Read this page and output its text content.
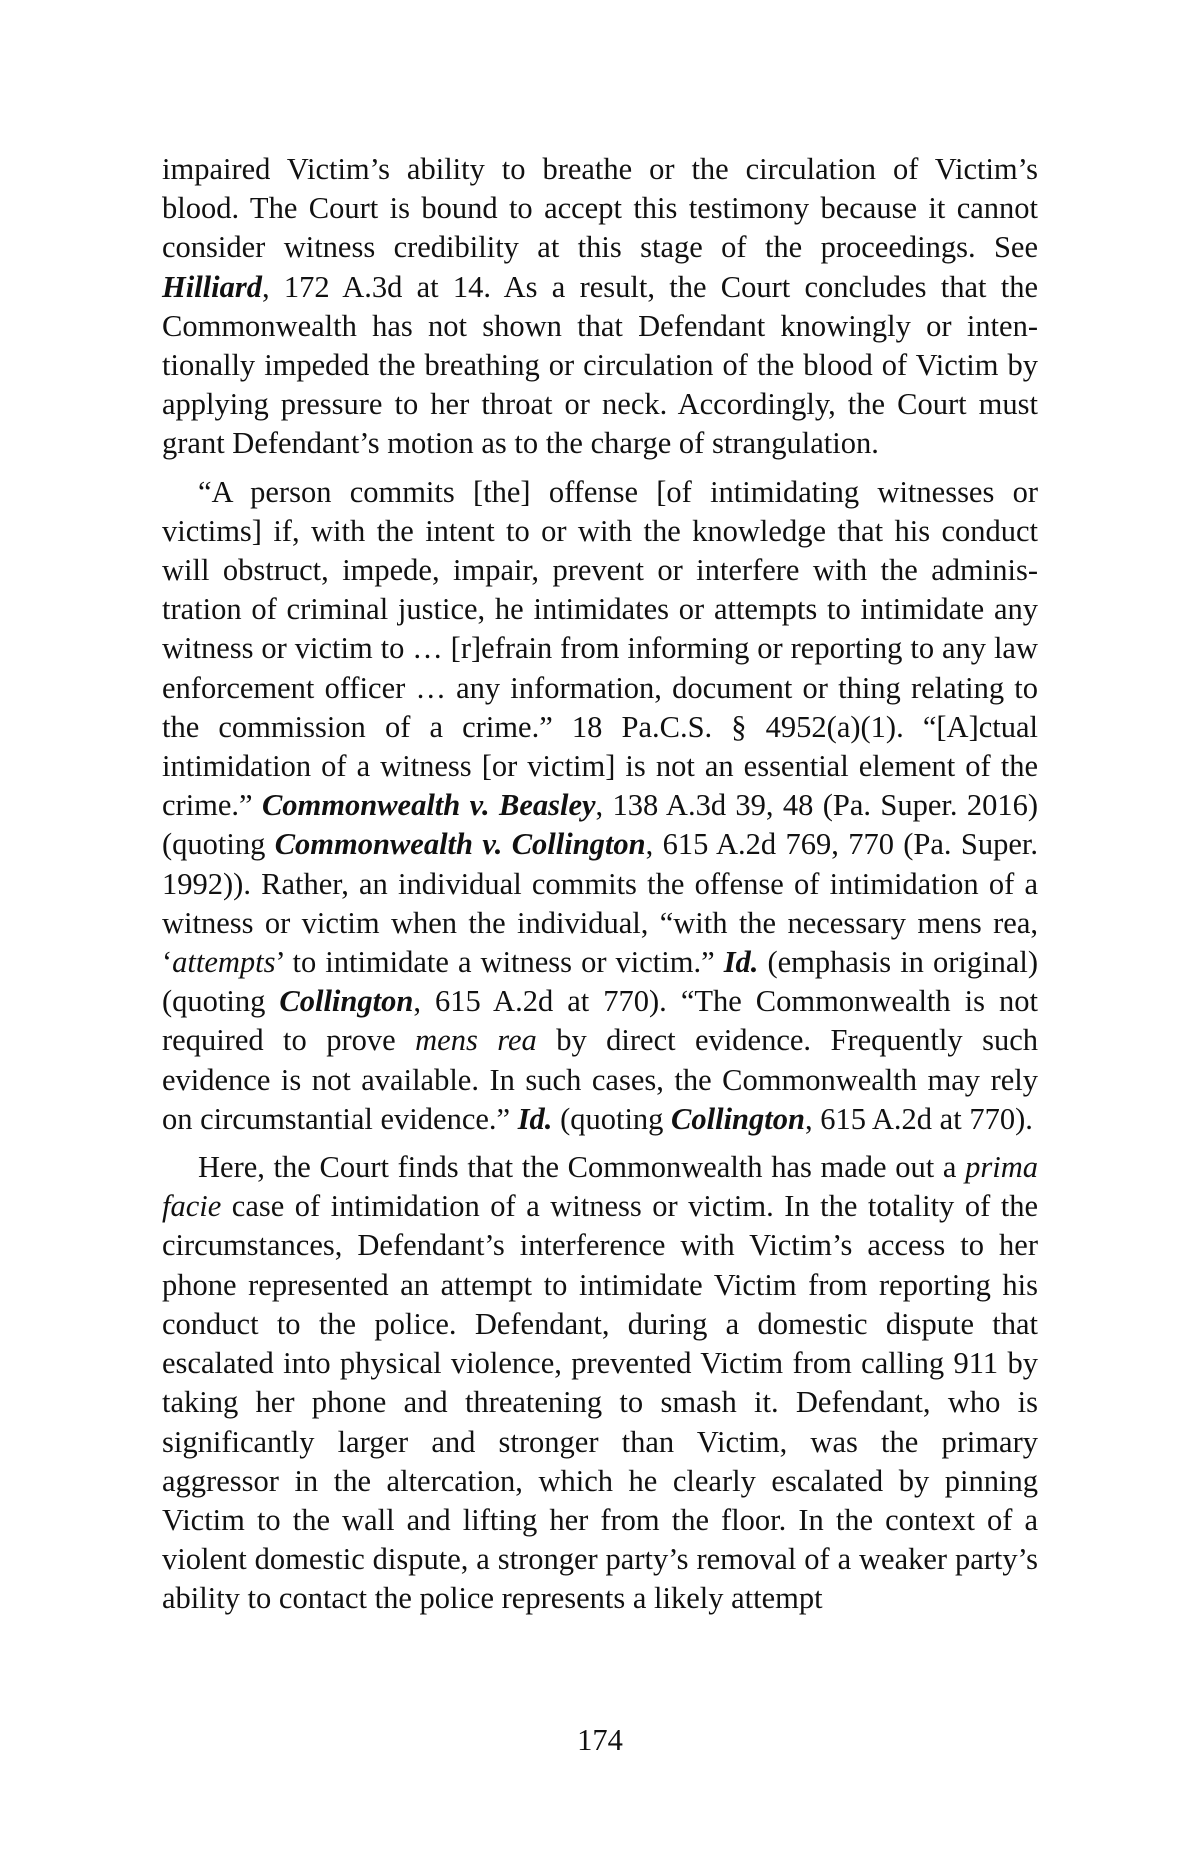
impaired Victim’s ability to breathe or the circulation of Victim’s blood. The Court is bound to accept this testimony because it cannot consider witness credibility at this stage of the proceedings. See Hilliard, 172 A.3d at 14. As a result, the Court concludes that the Commonwealth has not shown that Defendant knowingly or intentionally impeded the breathing or circulation of the blood of Victim by applying pressure to her throat or neck. Accordingly, the Court must grant Defendant’s motion as to the charge of strangulation.

“A person commits [the] offense [of intimidating witnesses or victims] if, with the intent to or with the knowledge that his conduct will obstruct, impede, impair, prevent or interfere with the administration of criminal justice, he intimidates or attempts to intimidate any witness or victim to … [r]efrain from informing or reporting to any law enforcement officer … any information, document or thing relating to the commission of a crime.” 18 Pa.C.S. § 4952(a)(1). “[A]ctual intimidation of a witness [or victim] is not an essential element of the crime.” Commonwealth v. Beasley, 138 A.3d 39, 48 (Pa. Super. 2016) (quoting Commonwealth v. Collington, 615 A.2d 769, 770 (Pa. Super. 1992)). Rather, an individual commits the offense of intimidation of a witness or victim when the individual, “with the necessary mens rea, ‘attempts’ to intimidate a witness or victim.” Id. (emphasis in original) (quoting Collington, 615 A.2d at 770). “The Commonwealth is not required to prove mens rea by direct evidence. Frequently such evidence is not available. In such cases, the Commonwealth may rely on circumstantial evidence.” Id. (quoting Collington, 615 A.2d at 770).

Here, the Court finds that the Commonwealth has made out a prima facie case of intimidation of a witness or victim. In the totality of the circumstances, Defendant’s interference with Victim’s access to her phone represented an attempt to intimidate Victim from reporting his conduct to the police. Defendant, during a domestic dispute that escalated into physical violence, prevented Victim from calling 911 by taking her phone and threatening to smash it. Defendant, who is significantly larger and stronger than Victim, was the primary aggressor in the altercation, which he clearly escalated by pinning Victim to the wall and lifting her from the floor. In the context of a violent domestic dispute, a stronger party’s removal of a weaker party’s ability to contact the police represents a likely attempt

174
